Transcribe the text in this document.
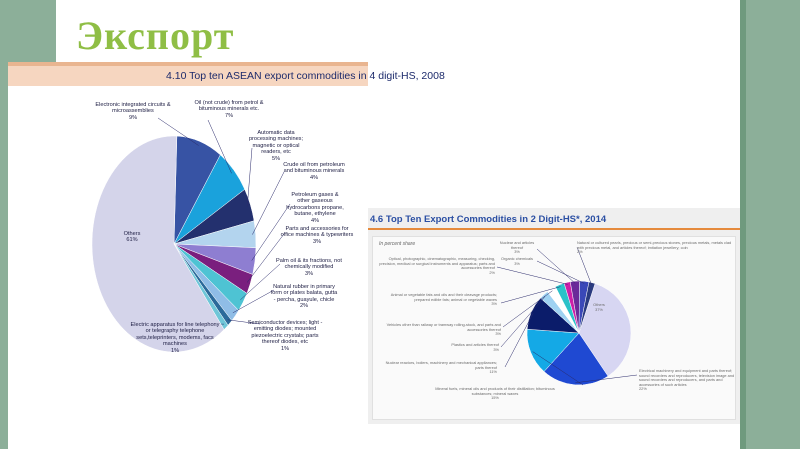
Экспорт
4.10 Top ten ASEAN export commodities in 4 digit-HS, 2008
Electronic integrated circuits & microassemblies
9%
Oil (not crude) from petrol & bituminous minerals etc.
7%
Automatic data processing machines; magnetic or optical readers, etc
5%
Crude oil from petroleum and bituminous minerals
4%
Petroleum gases & other gaseous hydrocarbons propane, butane, ethylene
4%
Parts and accessories for office machines & typewriters
3%
Palm oil & its fractions, not chemically modified
3%
Natural rubber in primary form or plates balata, gutta - percha, guayule, chicle
2%
Semiconductor devices; light - emitting diodes; mounted piezoelectric crystals; parts thereof diodes, etc
1%
Electric apparatus for line telephony or telegraphy telephone sets,teleprinters, modems, facs machines
1%
Others
61%
4.6 Top Ten Export Commodities in 2 Digit-HS*, 2014
In percent share	Nuclear and articles thereof
3%
Organic chemicals
3%
Natural or cultured pearls, precious or semi-precious stones, precious metals, metals clad with precious metal, and articles thereof; imitation jewellery; coin
2%
Optical, photographic, cinematographic, measuring, checking, precision, medical or surgical instruments and apparatus; parts and accessories thereof
2%
Animal or vegetable fats and oils and their cleavage products; prepared edible fats; animal or vegetable waxes
3%
Vehicles other than railway or tramway rolling-stock, and parts and accessories thereof
3%
Plastics and articles thereof
3%
Nuclear reactors, boilers, machinery and mechanical appliances; parts thereof
11%
Mineral fuels, mineral oils and products of their distillation; bituminous substances; mineral waxes
15%
Electrical machinery and equipment and parts thereof; sound recorders and reproducers, television image and sound recorders and reproducers, and parts and accessories of such articles
22%
Others
37%
